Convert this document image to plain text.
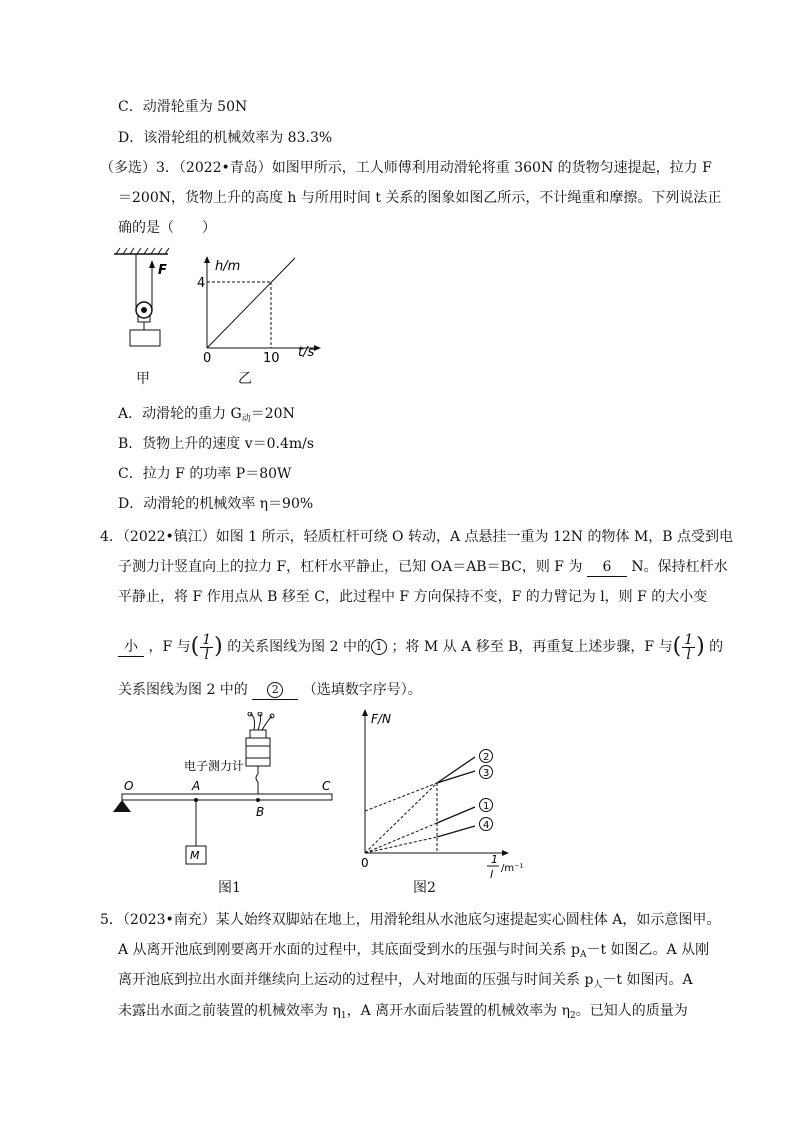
C．动滑轮重为 50N
D．该滑轮组的机械效率为 83.3%
（多选）3．（2022•青岛）如图甲所示，工人师傅利用动滑轮将重 360N 的货物匀速提起，拉力 F
＝200N，货物上升的高度 h 与所用时间 t 关系的图象如图乙所示，不计绳重和摩擦。下列说法正
确的是（　　）
F
甲
h/m
t/s
4
0	10
乙
A．动滑轮的重力 $G_动=20N$
B．货物上升的速度 v＝0.4m/s
C．拉力 F 的功率 P＝80W
D．动滑轮的机械效率 η＝90%
4．（2022•镇江）如图 1 所示，轻质杠杆可绕 O 转动，A 点悬挂一重为 12N 的物体 M，B 点受到电
子测力计竖直向上的拉力 F，杠杆水平静止，已知 OA＝AB＝BC，则 F 为 6 N。保持杠杆水
平静止，将 F 作用点从 B 移至 C，此过程中 F 方向保持不变，F 的力臂记为 l，则 F 的大小变
小 ，F 与( $\frac{1}{l}$ ) 的关系图线为图 2 中的 1 ；将 M 从 A 移至 B，再重复上述步骤，F 与( $\frac{1}{l}$ ) 的
关系图线为图 2 中的 2 （选填数字序号）。
电子测力计
O	A
B
C
M
图1
F/N
0	1
l /m⁻¹
2
3
1
4
图2
5．（2023•南充）某人始终双脚站在地上，用滑轮组从水池底匀速提起实心圆柱体 A，如示意图甲。
A 从离开池底到刚要离开水面的过程中，其底面受到水的压强与时间关系 $p_A-t$ 如图乙。A 从刚
离开池底到拉出水面并继续向上运动的过程中，人对地面的压强与时间关系 $p_人-t$ 如图丙。A
未露出水面之前装置的机械效率为 $\eta_1$，A 离开水面后装置的机械效率为 $\eta_2$。已知人的质量为
